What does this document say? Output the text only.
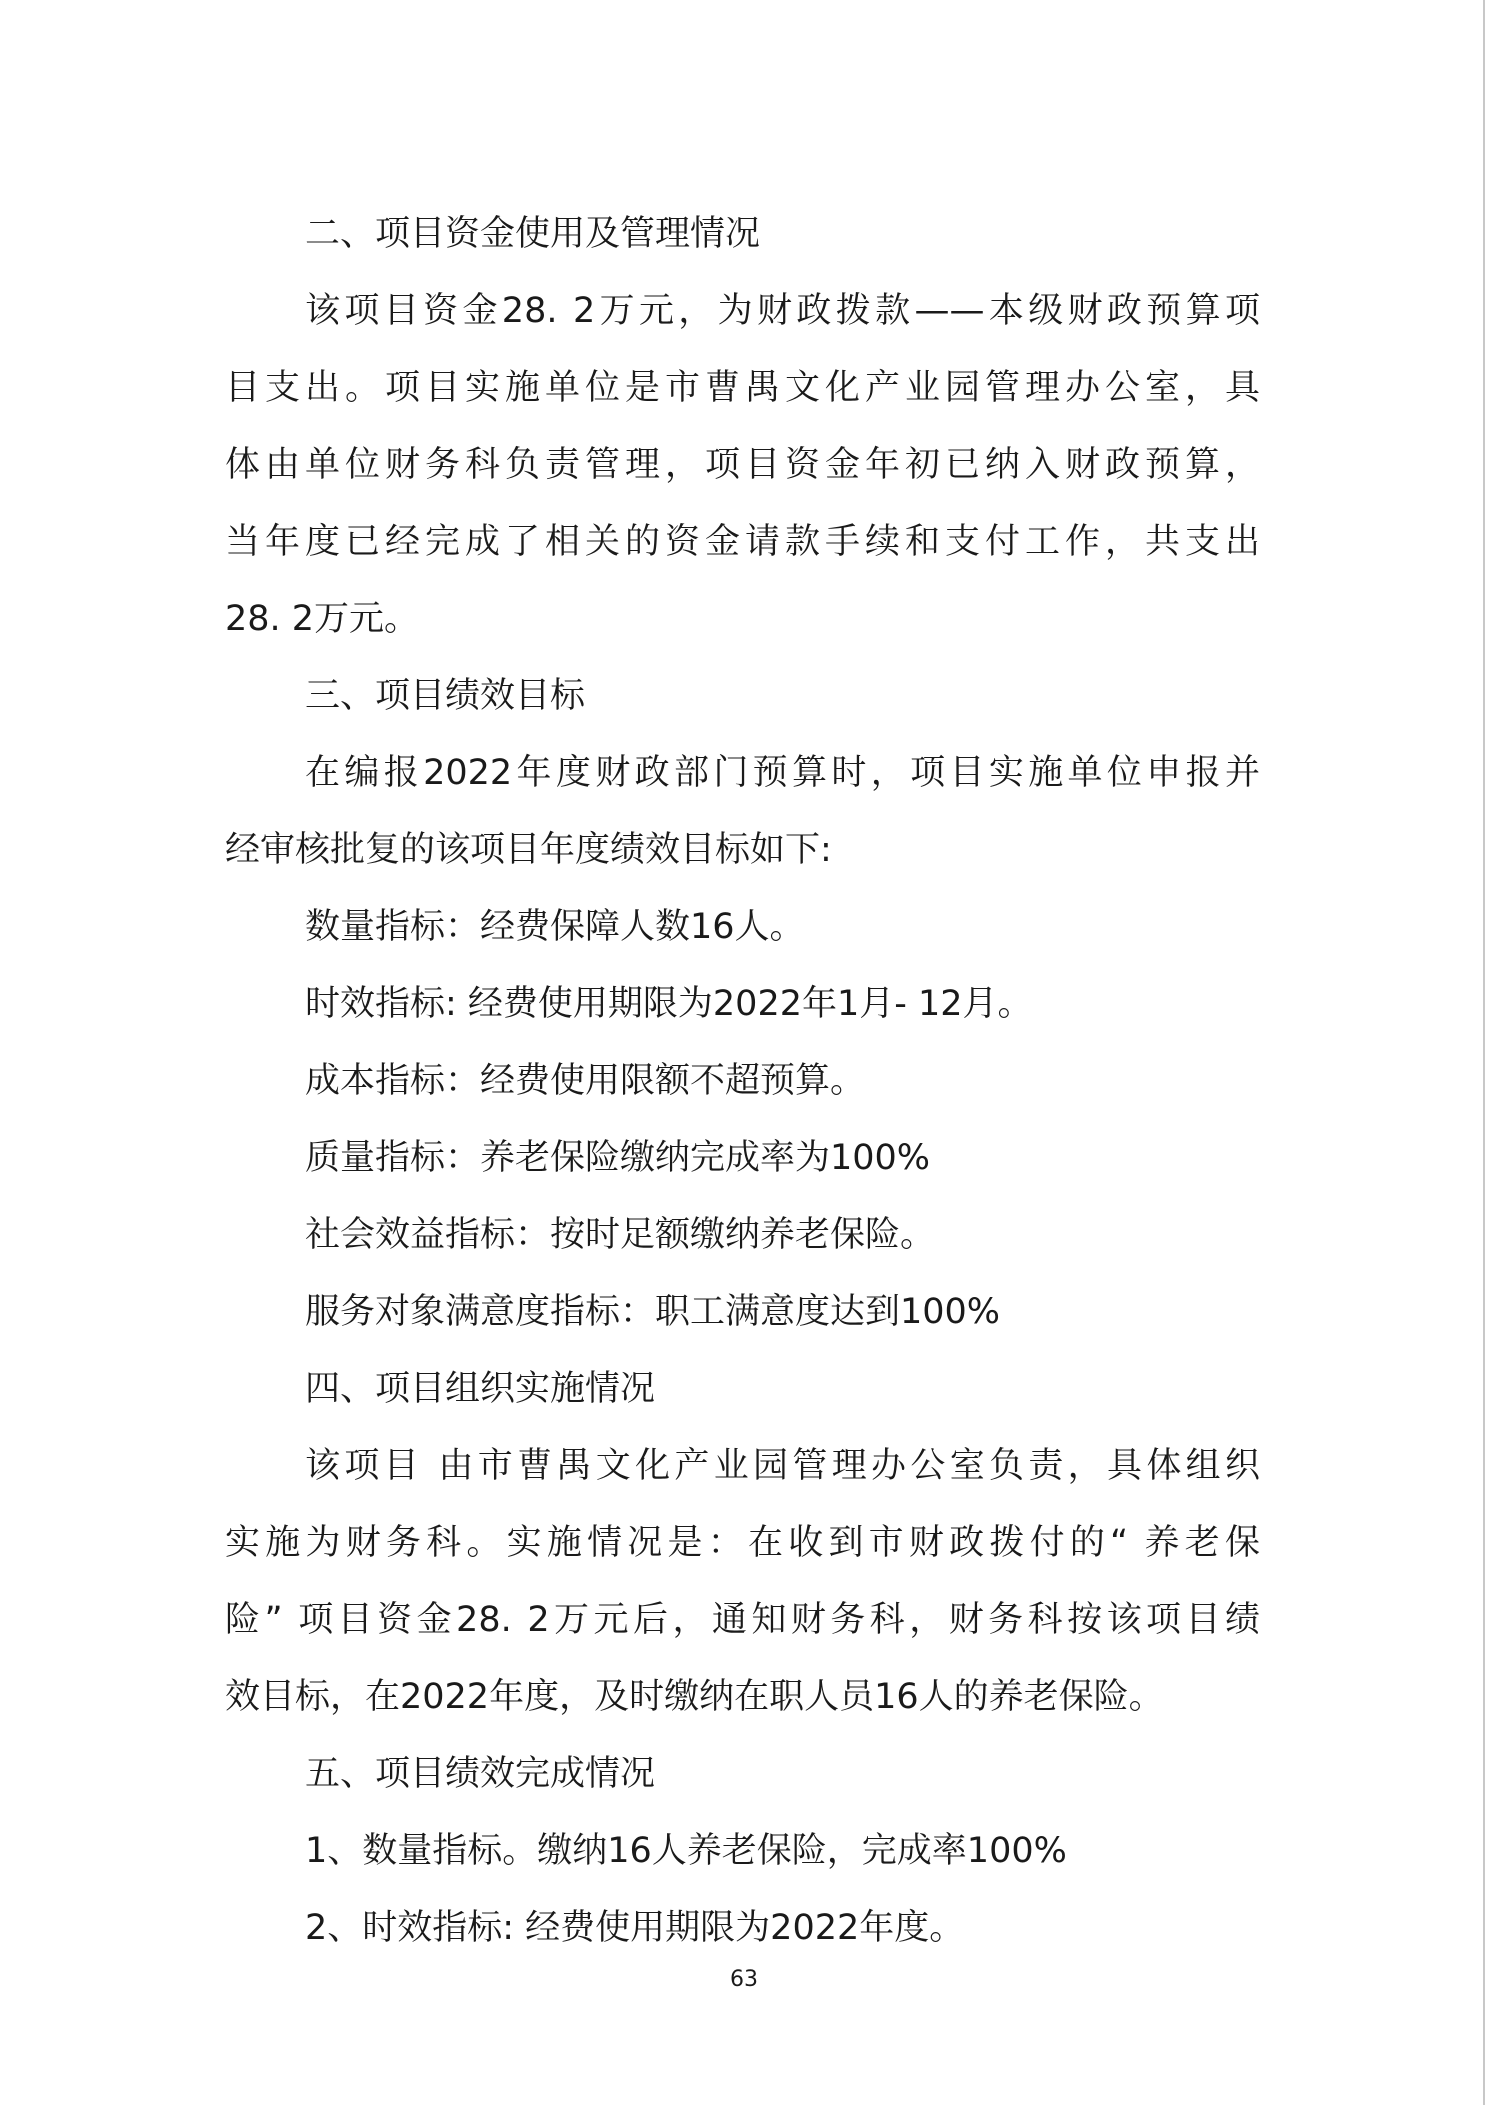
二、项目资金使用及管理情况
该项目资金28. 2万元，为财政拨款——本级财政预算项
目支出。项目实施单位是市曹禺文化产业园管理办公室，具
体由单位财务科负责管理，项目资金年初已纳入财政预算，
当年度已经完成了相关的资金请款手续和支付工作，共支出
28. 2万元。
三、项目绩效目标
在编报2022年度财政部门预算时，项目实施单位申报并
经审核批复的该项目年度绩效目标如下:
数量指标：经费保障人数16人。
时效指标: 经费使用期限为2022年1月- 12月。
成本指标：经费使用限额不超预算。
质量指标：养老保险缴纳完成率为100%
社会效益指标：按时足额缴纳养老保险。
服务对象满意度指标：职工满意度达到100%
四、项目组织实施情况
该项目 由市曹禺文化产业园管理办公室负责，具体组织
实施为财务科。实施情况是：在收到市财政拨付的“ 养老保
险” 项目资金28. 2万元后，通知财务科，财务科按该项目绩
效目标，在2022年度，及时缴纳在职人员16人的养老保险。
五、项目绩效完成情况
1、数量指标。缴纳16人养老保险，完成率100%
2、时效指标: 经费使用期限为2022年度。
63
